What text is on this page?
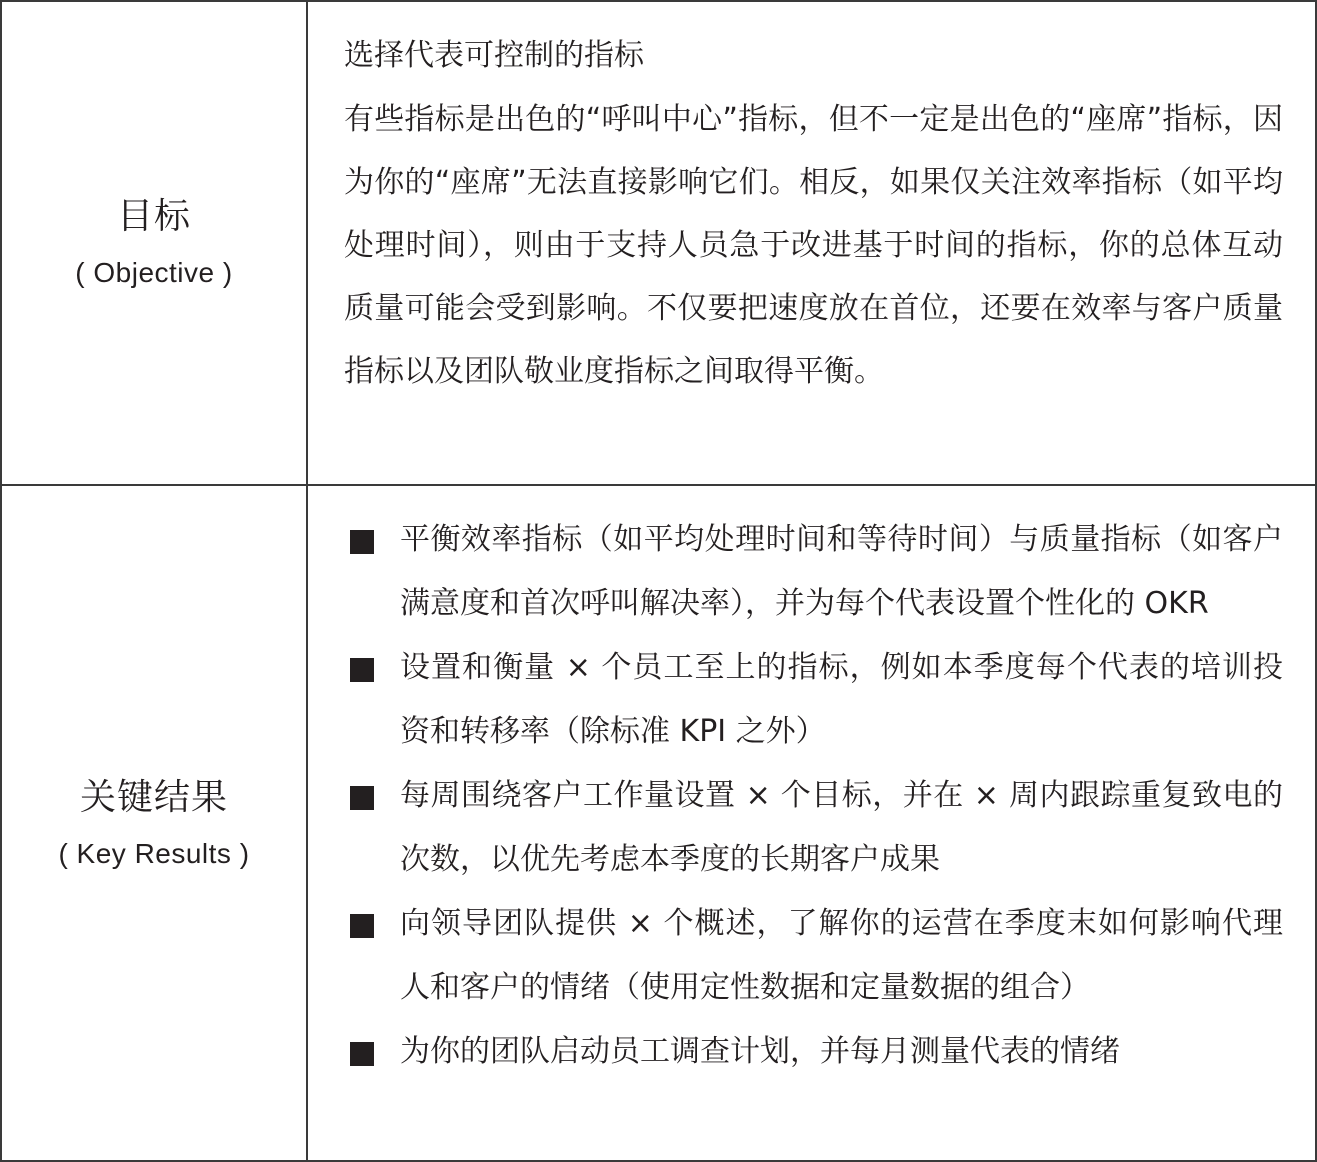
目标
( Objective )
选择代表可控制的指标
有些指标是出色的“呼叫中心”指标，但不一定是出色的“座席”指标，因为你的“座席”无法直接影响它们。相反，如果仅关注效率指标（如平均处理时间），则由于支持人员急于改进基于时间的指标，你的总体互动质量可能会受到影响。不仅要把速度放在首位，还要在效率与客户质量指标以及团队敬业度指标之间取得平衡。
关键结果
( Key Results )
平衡效率指标（如平均处理时间和等待时间）与质量指标（如客户满意度和首次呼叫解决率），并为每个代表设置个性化的 OKR
设置和衡量 × 个员工至上的指标，例如本季度每个代表的培训投资和转移率（除标准 KPI 之外）
每周围绕客户工作量设置 × 个目标，并在 × 周内跟踪重复致电的次数，以优先考虑本季度的长期客户成果
向领导团队提供 × 个概述，了解你的运营在季度末如何影响代理人和客户的情绪（使用定性数据和定量数据的组合）
为你的团队启动员工调查计划，并每月测量代表的情绪
